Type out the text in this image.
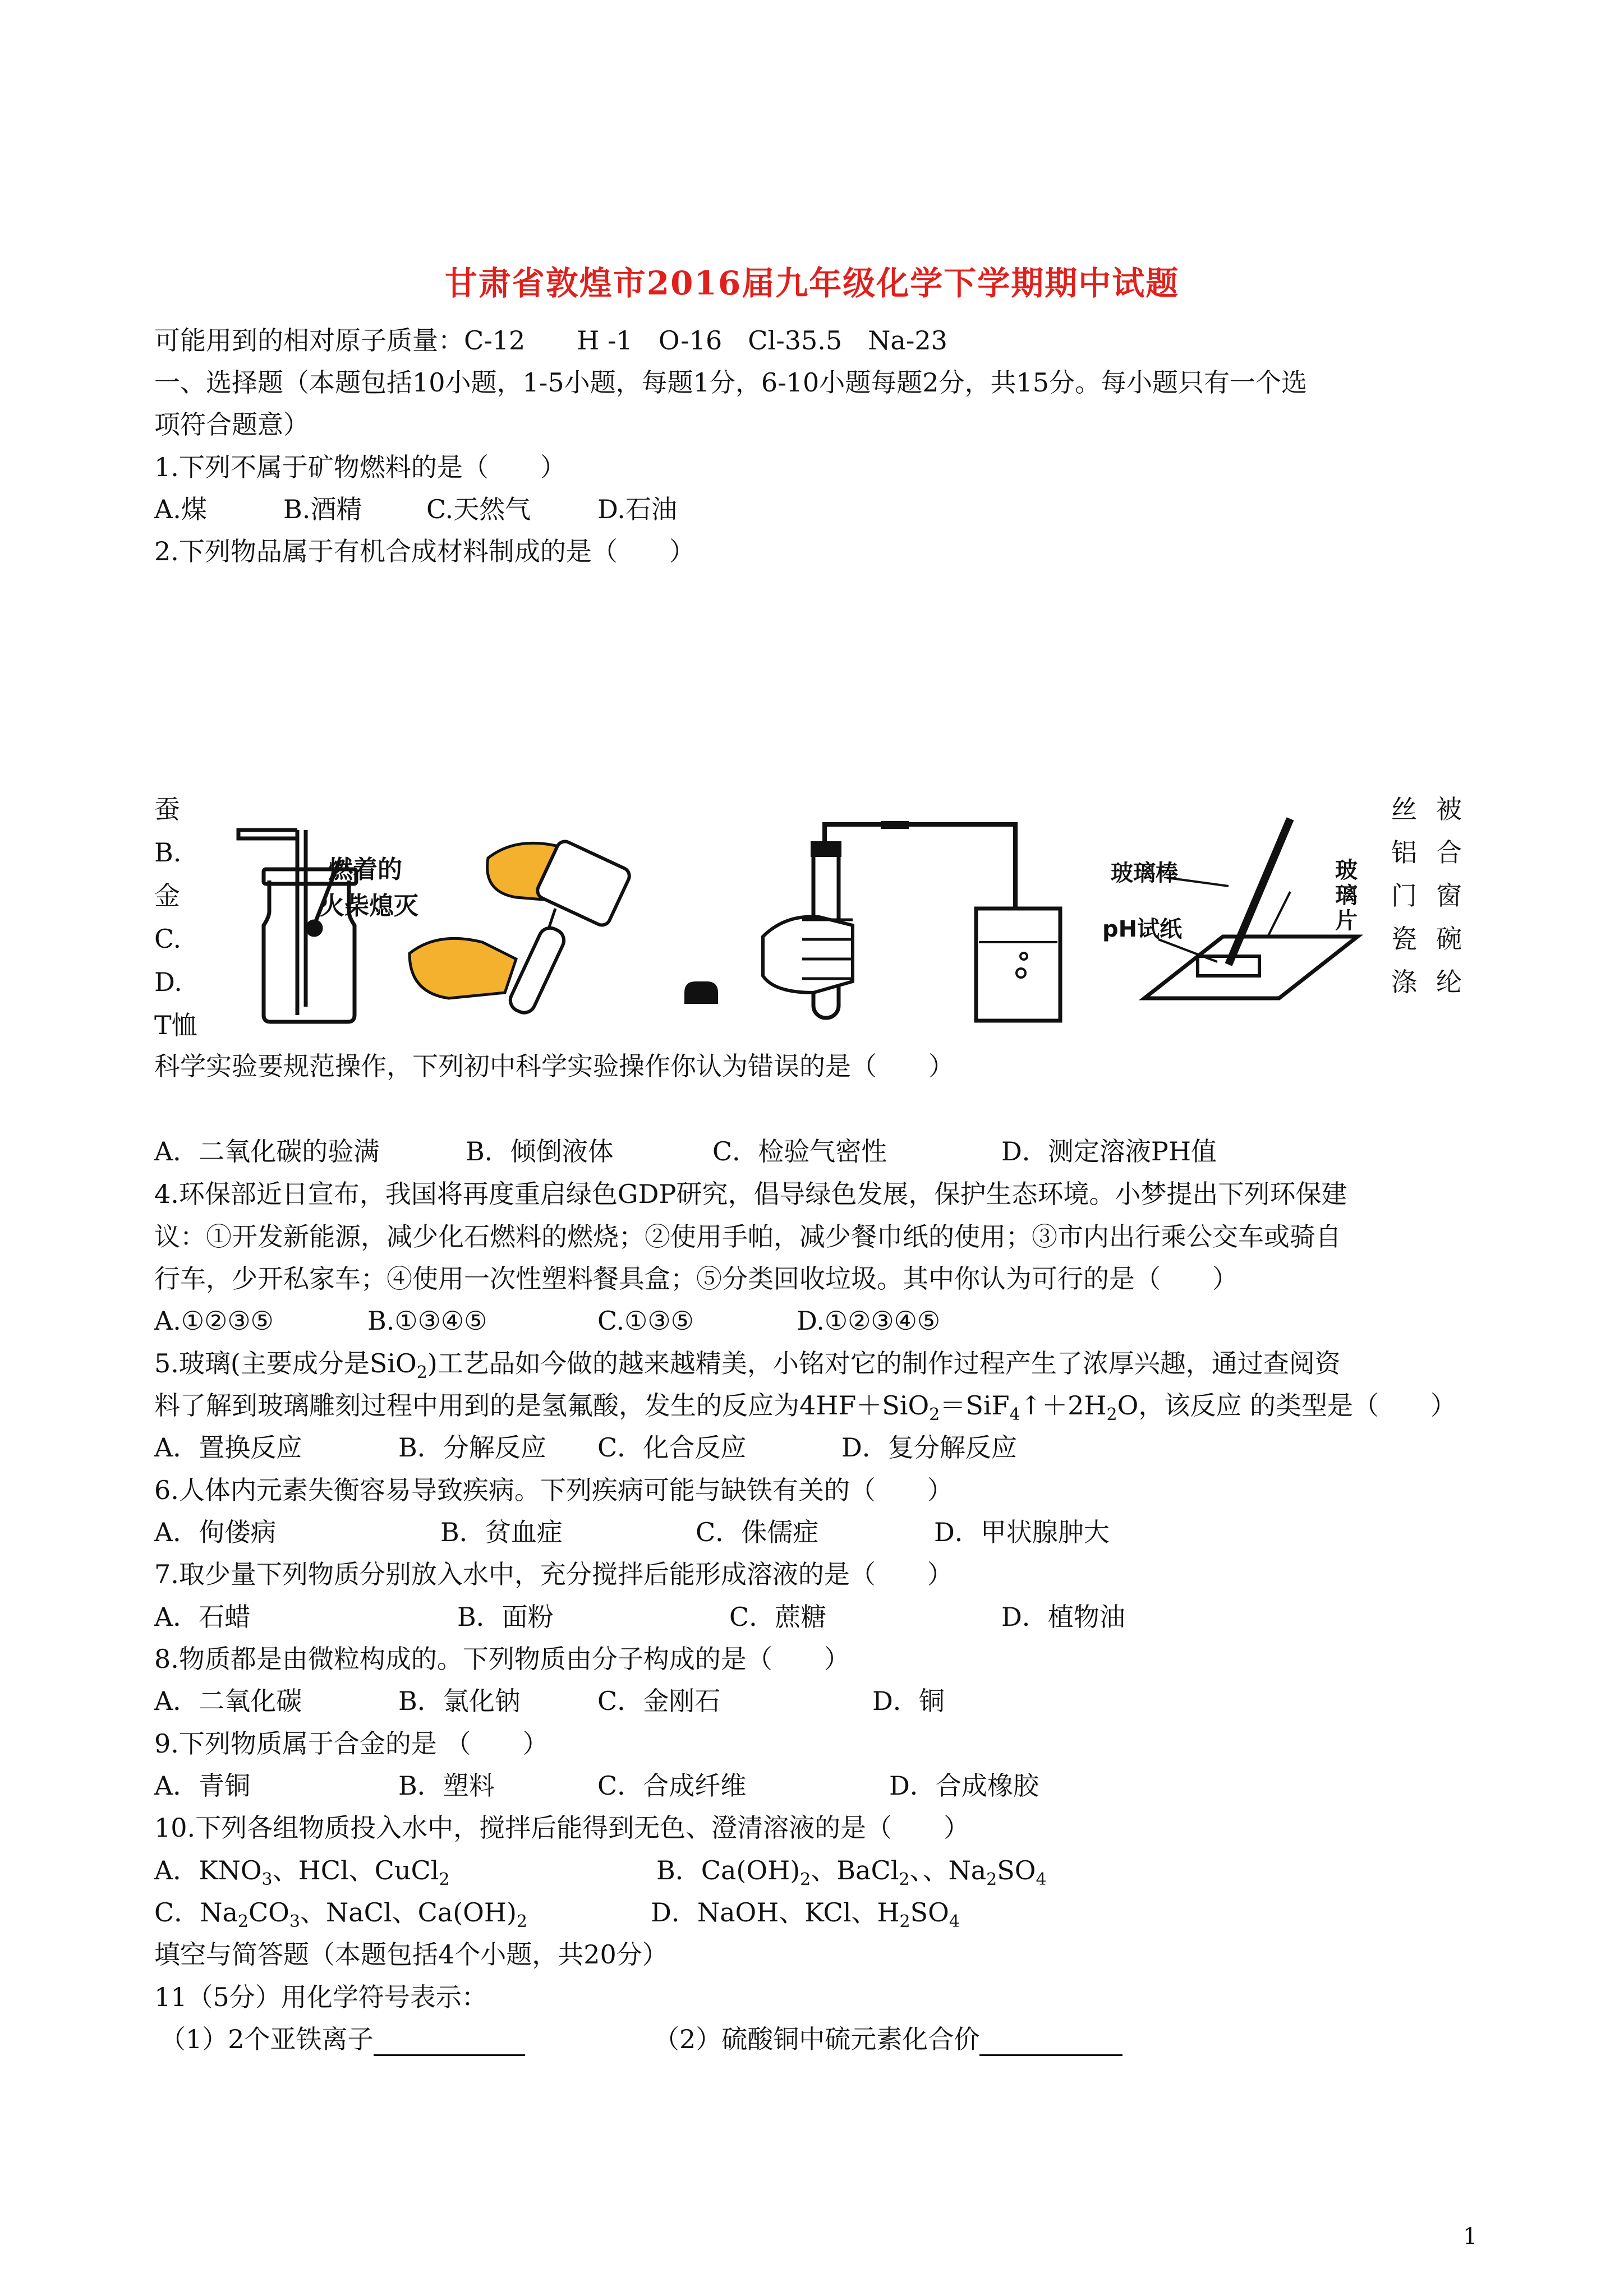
甘肃省敦煌市2016届九年级化学下学期期中试题
可能用到的相对原子质量：C-12　　H -1　O-16　Cl-35.5　Na-23
一、选择题（本题包括10小题，1-5小题，每题1分，6-10小题每题2分，共15分。每小题只有一个选
项符合题意）
1.下列不属于矿物燃料的是（　　）
A.煤	B.酒精 C.天然气	D.石油
2.下列物品属于有机合成材料制成的是（　　）
蚕
B.
金
C.
D.
T恤
丝
铝
门
瓷
涤
被
合
窗
碗
纶
燃着的
火柴熄灭
玻璃棒
pH试纸
玻
璃
片
科学实验要规范操作，下列初中科学实验操作你认为错误的是（　　）
A．二氧化碳的验满	B．倾倒液体	C．检验气密性	D．测定溶液PH值
4.环保部近日宣布，我国将再度重启绿色GDP研究，倡导绿色发展，保护生态环境。小梦提出下列环保建
议：①开发新能源，减少化石燃料的燃烧；②使用手帕，减少餐巾纸的使用；③市内出行乘公交车或骑自
行车，少开私家车；④使用一次性塑料餐具盒；⑤分类回收垃圾。其中你认为可行的是（　　）
A.①②③⑤	B.①③④⑤	C.①③⑤	D.①②③④⑤
5.玻璃(主要成分是SiO$_2$)工艺品如今做的越来越精美，小铭对它的制作过程产生了浓厚兴趣，通过查阅资
料了解到玻璃雕刻过程中用到的是氢氟酸，发生的反应为$4HF+SiO_2=SiF_4↑+2H_2O$，该反应 的类型是（　　）
A．置换反应	B．分解反应 C．化合反应	D．复分解反应
6.人体内元素失衡容易导致疾病。下列疾病可能与缺铁有关的（　　）
A．佝偻病	B．贫血症	C．侏儒症	D．甲状腺肿大
7.取少量下列物质分别放入水中，充分搅拌后能形成溶液的是（　　）
A．石蜡	B．面粉	C．蔗糖	D．植物油
8.物质都是由微粒构成的。下列物质由分子构成的是（　　）
A．二氧化碳	B．氯化钠	C．金刚石	D．铜
9.下列物质属于合金的是 （　　）
A．青铜	B．塑料	C．合成纤维	D．合成橡胶
10.下列各组物质投入水中，搅拌后能得到无色、澄清溶液的是（　　）
A．$KNO_3$、HCl、CuCl$_2$	B．$Ca(OH)_2$、BaCl$_2$、、$Na_2SO_4$
C．$Na_2CO_3$、NaCl、$Ca(OH)_2$	D．NaOH、KCl、$H_2SO_4$
填空与简答题（本题包括4个小题，共20分）
11（5分）用化学符号表示：
（1）2个亚铁离子	（2）硫酸铜中硫元素化合价
1
